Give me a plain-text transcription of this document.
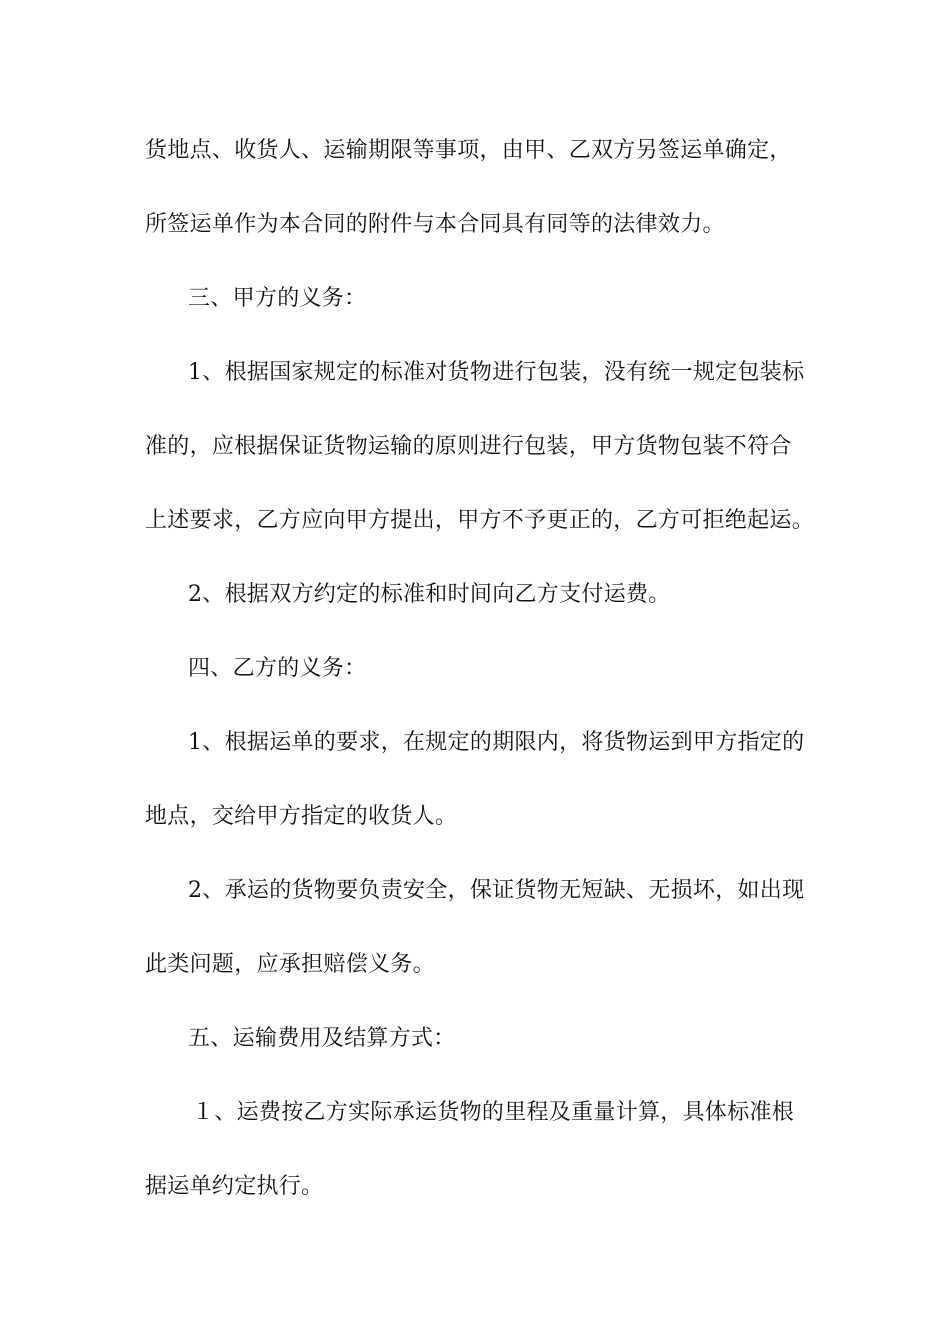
货地点、收货人、运输期限等事项，由甲、乙双方另签运单确定，
所签运单作为本合同的附件与本合同具有同等的法律效力。
三、甲方的义务：
1、根据国家规定的标准对货物进行包装，没有统一规定包装标
准的，应根据保证货物运输的原则进行包装，甲方货物包装不符合
上述要求，乙方应向甲方提出，甲方不予更正的，乙方可拒绝起运。
2、根据双方约定的标准和时间向乙方支付运费。
四、乙方的义务：
1、根据运单的要求，在规定的期限内，将货物运到甲方指定的
地点，交给甲方指定的收货人。
2、承运的货物要负责安全，保证货物无短缺、无损坏，如出现
此类问题，应承担赔偿义务。
五、运输费用及结算方式：
１、运费按乙方实际承运货物的里程及重量计算，具体标准根
据运单约定执行。
